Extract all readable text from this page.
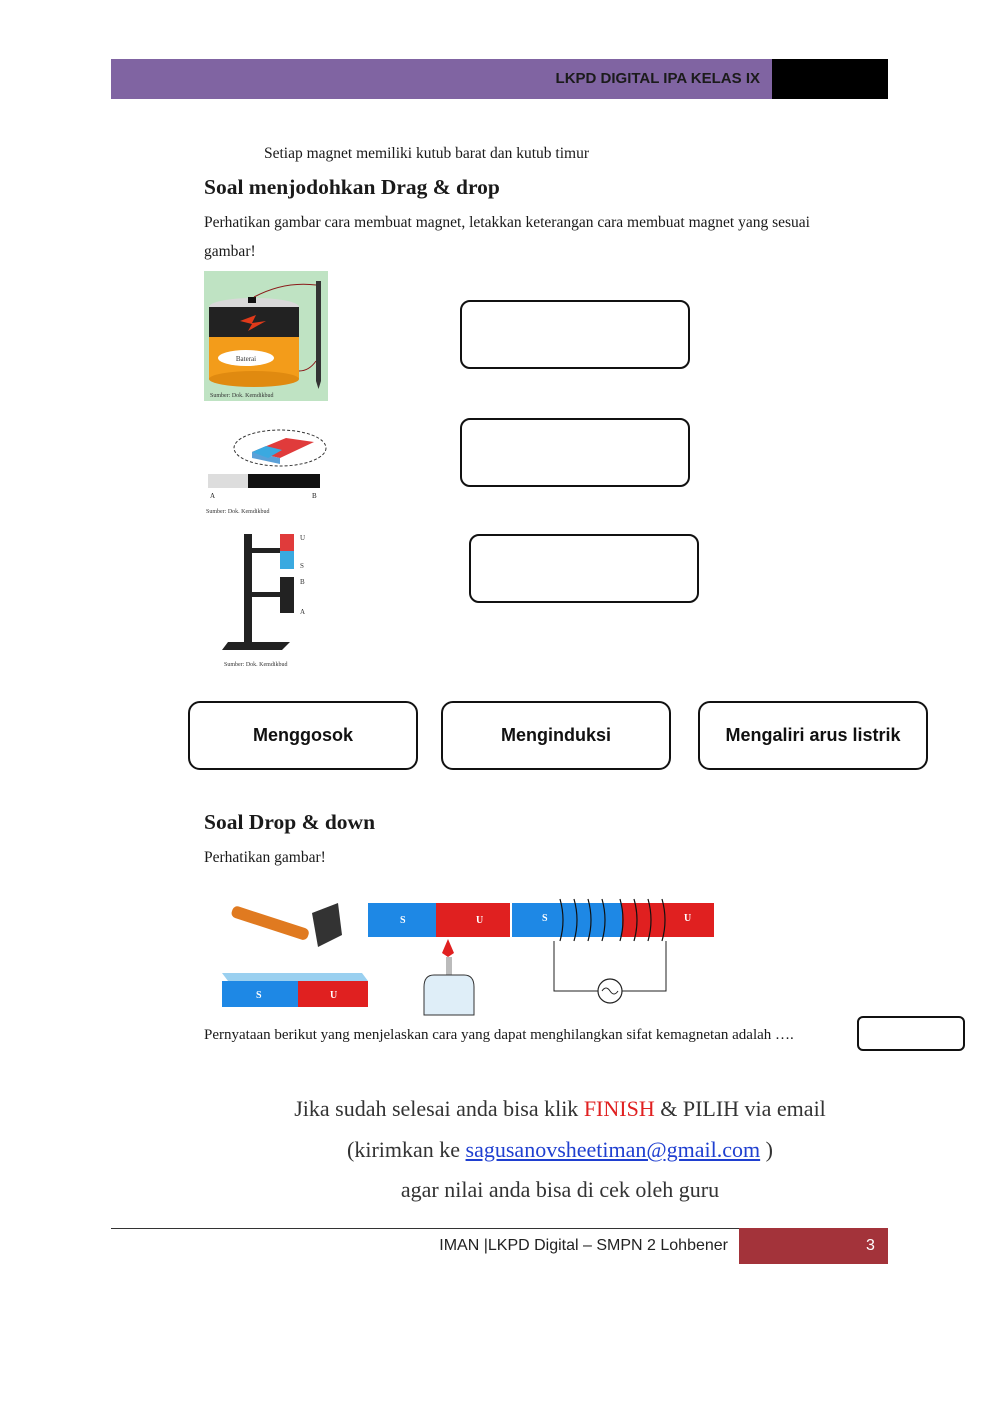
LKPD DIGITAL IPA KELAS IX
Setiap magnet memiliki kutub barat dan kutub timur
Soal menjodohkan Drag & drop
Perhatikan gambar cara membuat magnet, letakkan keterangan cara membuat magnet yang sesuai
gambar!
Baterai
Sumber: Dok. Kemdikbud
A	B
Sumber: Dok. Kemdikbud
U
S
B
A
Sumber: Dok. Kemdikbud
Menggosok	Menginduksi	Mengaliri arus listrik
Soal Drop & down
Perhatikan gambar!
S	U
S	U	S	U
Pernyataan berikut yang menjelaskan cara yang dapat menghilangkan sifat kemagnetan adalah ….
Jika sudah selesai anda bisa klik FINISH & PILIH via email
(kirimkan ke sagusanovsheetiman@gmail.com )
agar nilai anda bisa di cek oleh guru
IMAN |LKPD Digital – SMPN 2 Lohbener	3
